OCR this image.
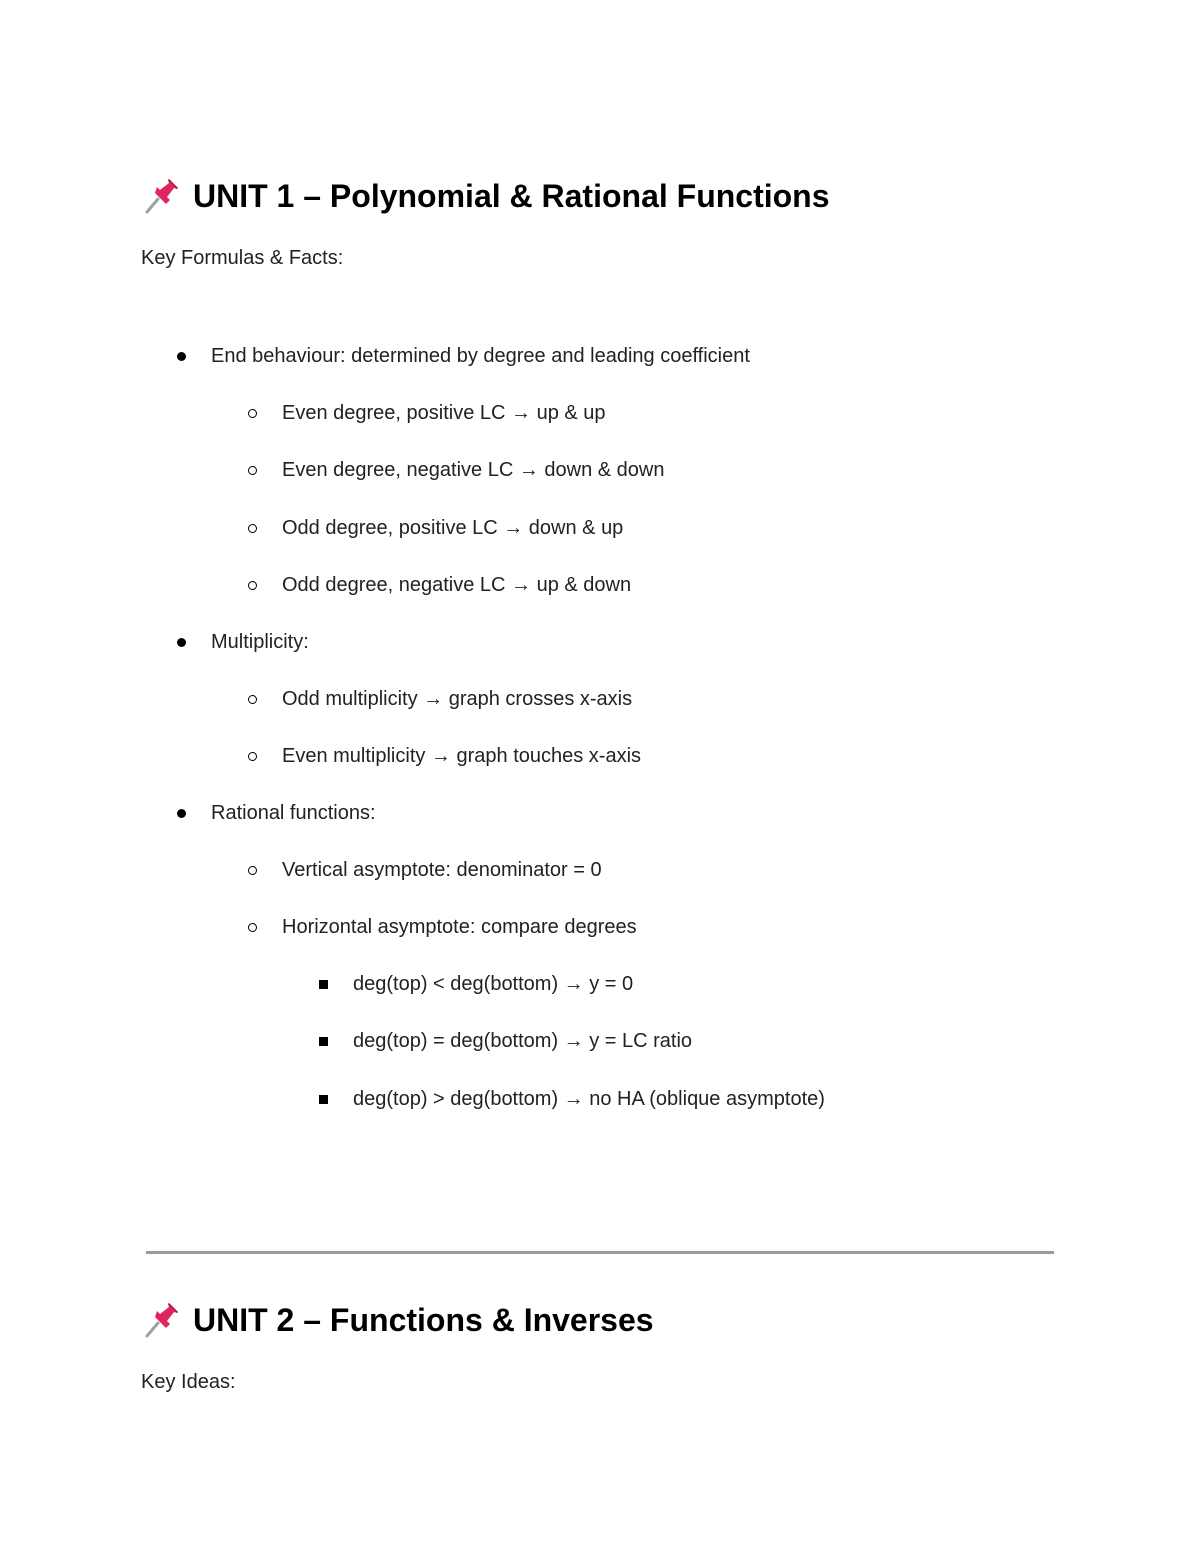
UNIT 1 – Polynomial & Rational Functions

Key Formulas & Facts:

End behaviour: determined by degree and leading coefficient
Even degree, positive LC → up & up
Even degree, negative LC → down & down
Odd degree, positive LC → down & up
Odd degree, negative LC → up & down
Multiplicity:
Odd multiplicity → graph crosses x-axis
Even multiplicity → graph touches x-axis
Rational functions:
Vertical asymptote: denominator = 0
Horizontal asymptote: compare degrees
deg(top) < deg(bottom) → y = 0
deg(top) = deg(bottom) → y = LC ratio
deg(top) > deg(bottom) → no HA (oblique asymptote)
UNIT 2 – Functions & Inverses

Key Ideas:
